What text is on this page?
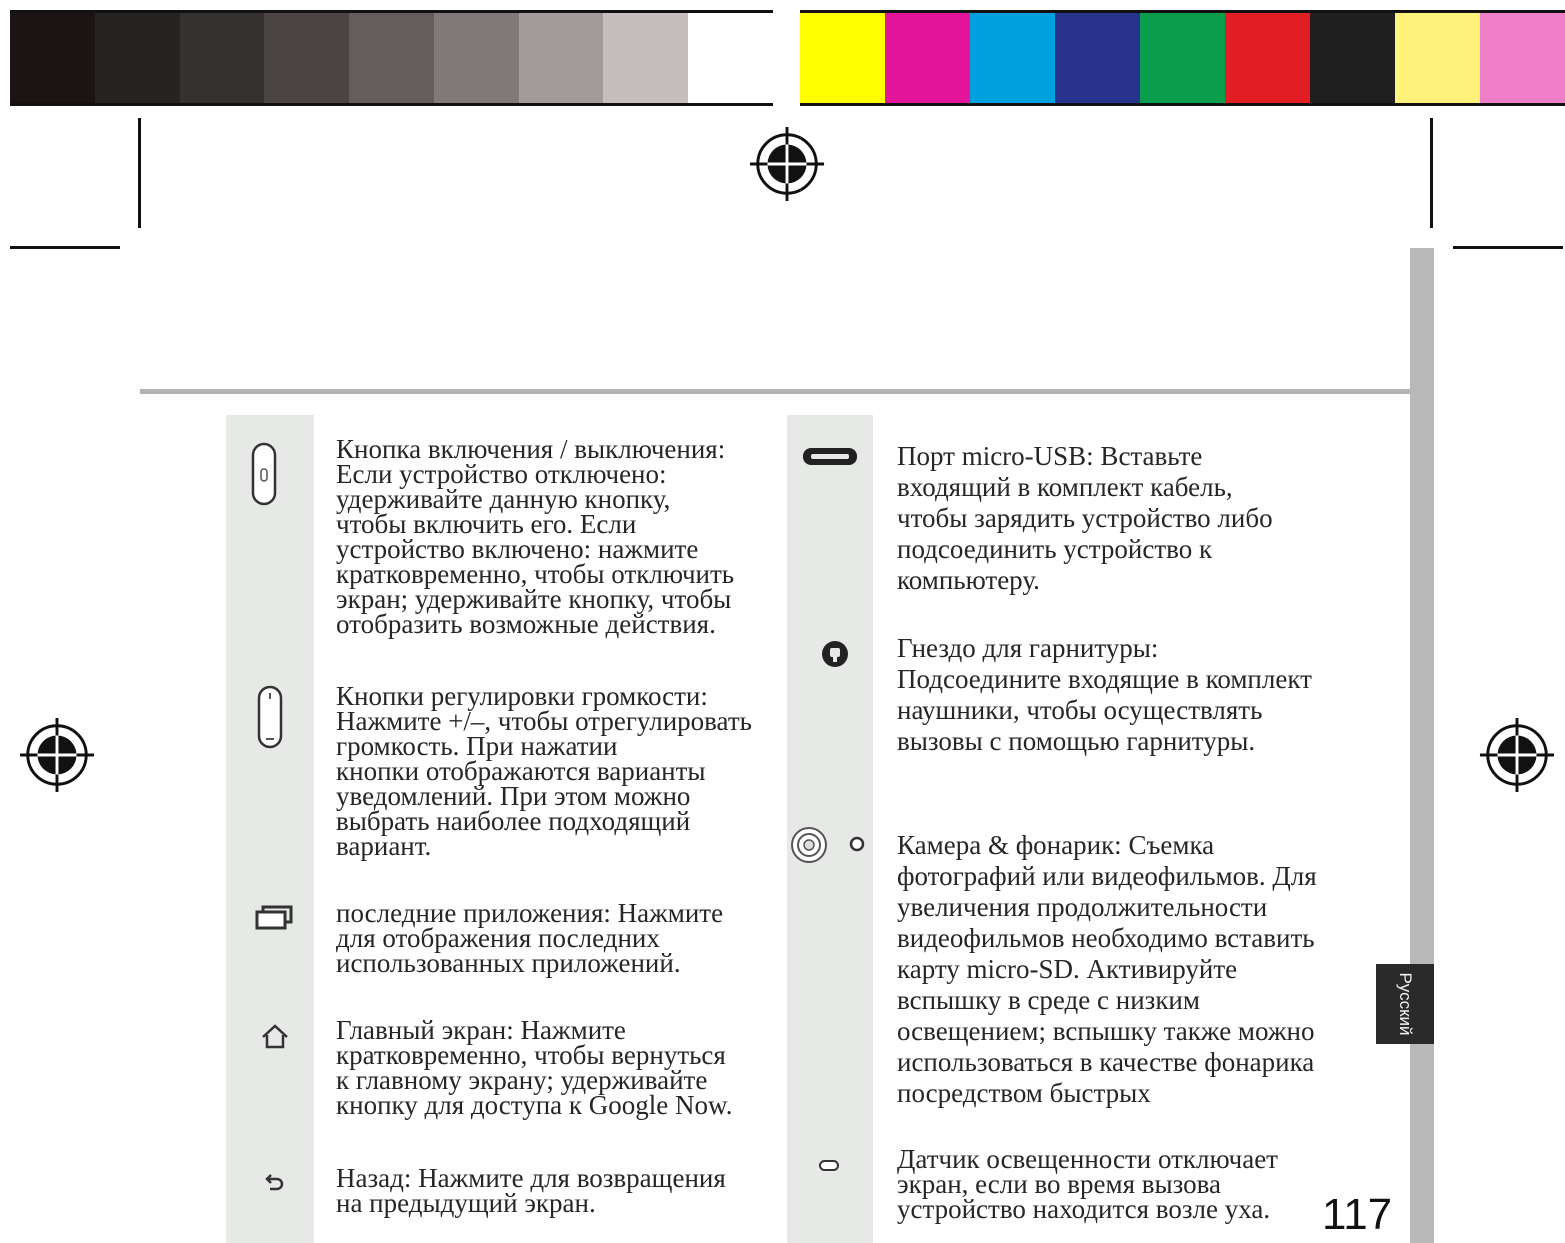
Кнопка включения / выключения:
Если устройство отключено:
удерживайте данную кнопку,
чтобы включить его. Если
устройство включено: нажмите
кратковременно, чтобы отключить
экран; удерживайте кнопку, чтобы
отобразить возможные действия.
Кнопки регулировки громкости:
Нажмите +/–, чтобы отрегулировать
громкость. При нажатии
кнопки отображаются варианты
уведомлений. При этом можно
выбрать наиболее подходящий
вариант.
последние приложения: Нажмите
для отображения последних
использованных приложений.
Главный экран: Нажмите
кратковременно, чтобы вернуться
к главному экрану; удерживайте
кнопку для доступа к Google Now.
Назад: Нажмите для возвращения
на предыдущий экран.
Порт micro-USB: Вставьте
входящий в комплект кабель,
чтобы зарядить устройство либо
подсоединить устройство к
компьютеру.
Гнездо для гарнитуры:
Подсоедините входящие в комплект
наушники, чтобы осуществлять
вызовы с помощью гарнитуры.
Камера & фонарик: Съемка
фотографий или видеофильмов. Для
увеличения продолжительности
видеофильмов необходимо вставить
карту micro-SD. Активируйте
вспышку в среде с низким
освещением; вспышку также можно
использоваться в качестве фонарика
посредством быстрых
Датчик освещенности отключает
экран, если во время вызова
устройство находится возле уха.
Русский
117
